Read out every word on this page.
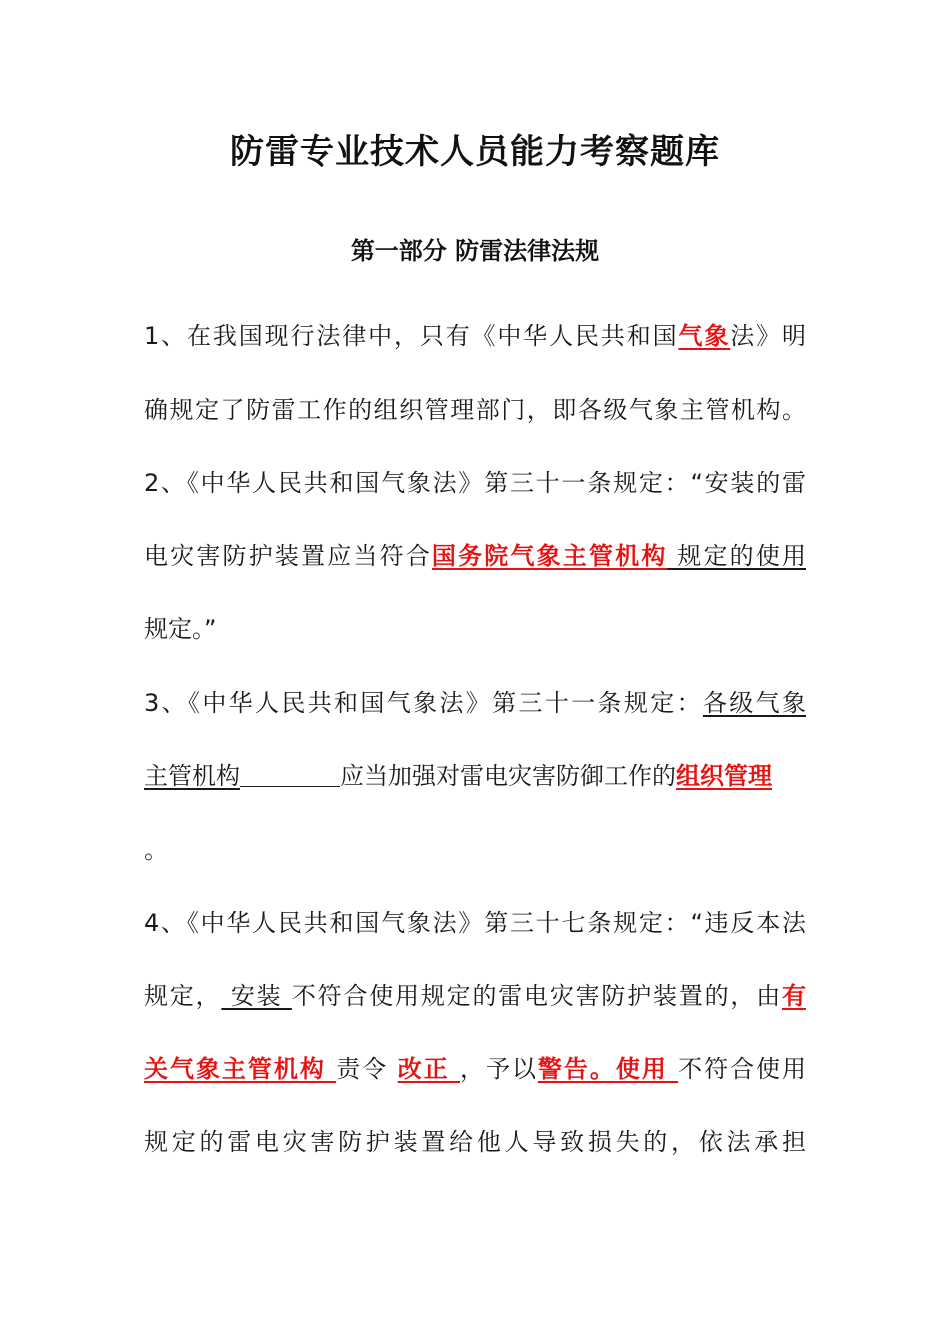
防雷专业技术人员能力考察题库
第一部分 防雷法律法规
1、在我国现行法律中，只有《中华人民共和国气象法》明
确规定了防雷工作的组织管理部门，即各级气象主管机构。
2、《中华人民共和国气象法》第三十一条规定：“安装的雷
电灾害防护装置应当符合国务院气象主管机构 规定的使用
规定。”
3、《中华人民共和国气象法》第三十一条规定：各级气象
主管机构	应当加强对雷电灾害防御工作的组织管理
。
4、《中华人民共和国气象法》第三十七条规定：“违反本法
规定， 安装 不符合使用规定的雷电灾害防护装置的，由有
关气象主管机构 责令 改正 ，予以警告。使用 不符合使用
规定的雷电灾害防护装置给他人导致损失的，依法承担
